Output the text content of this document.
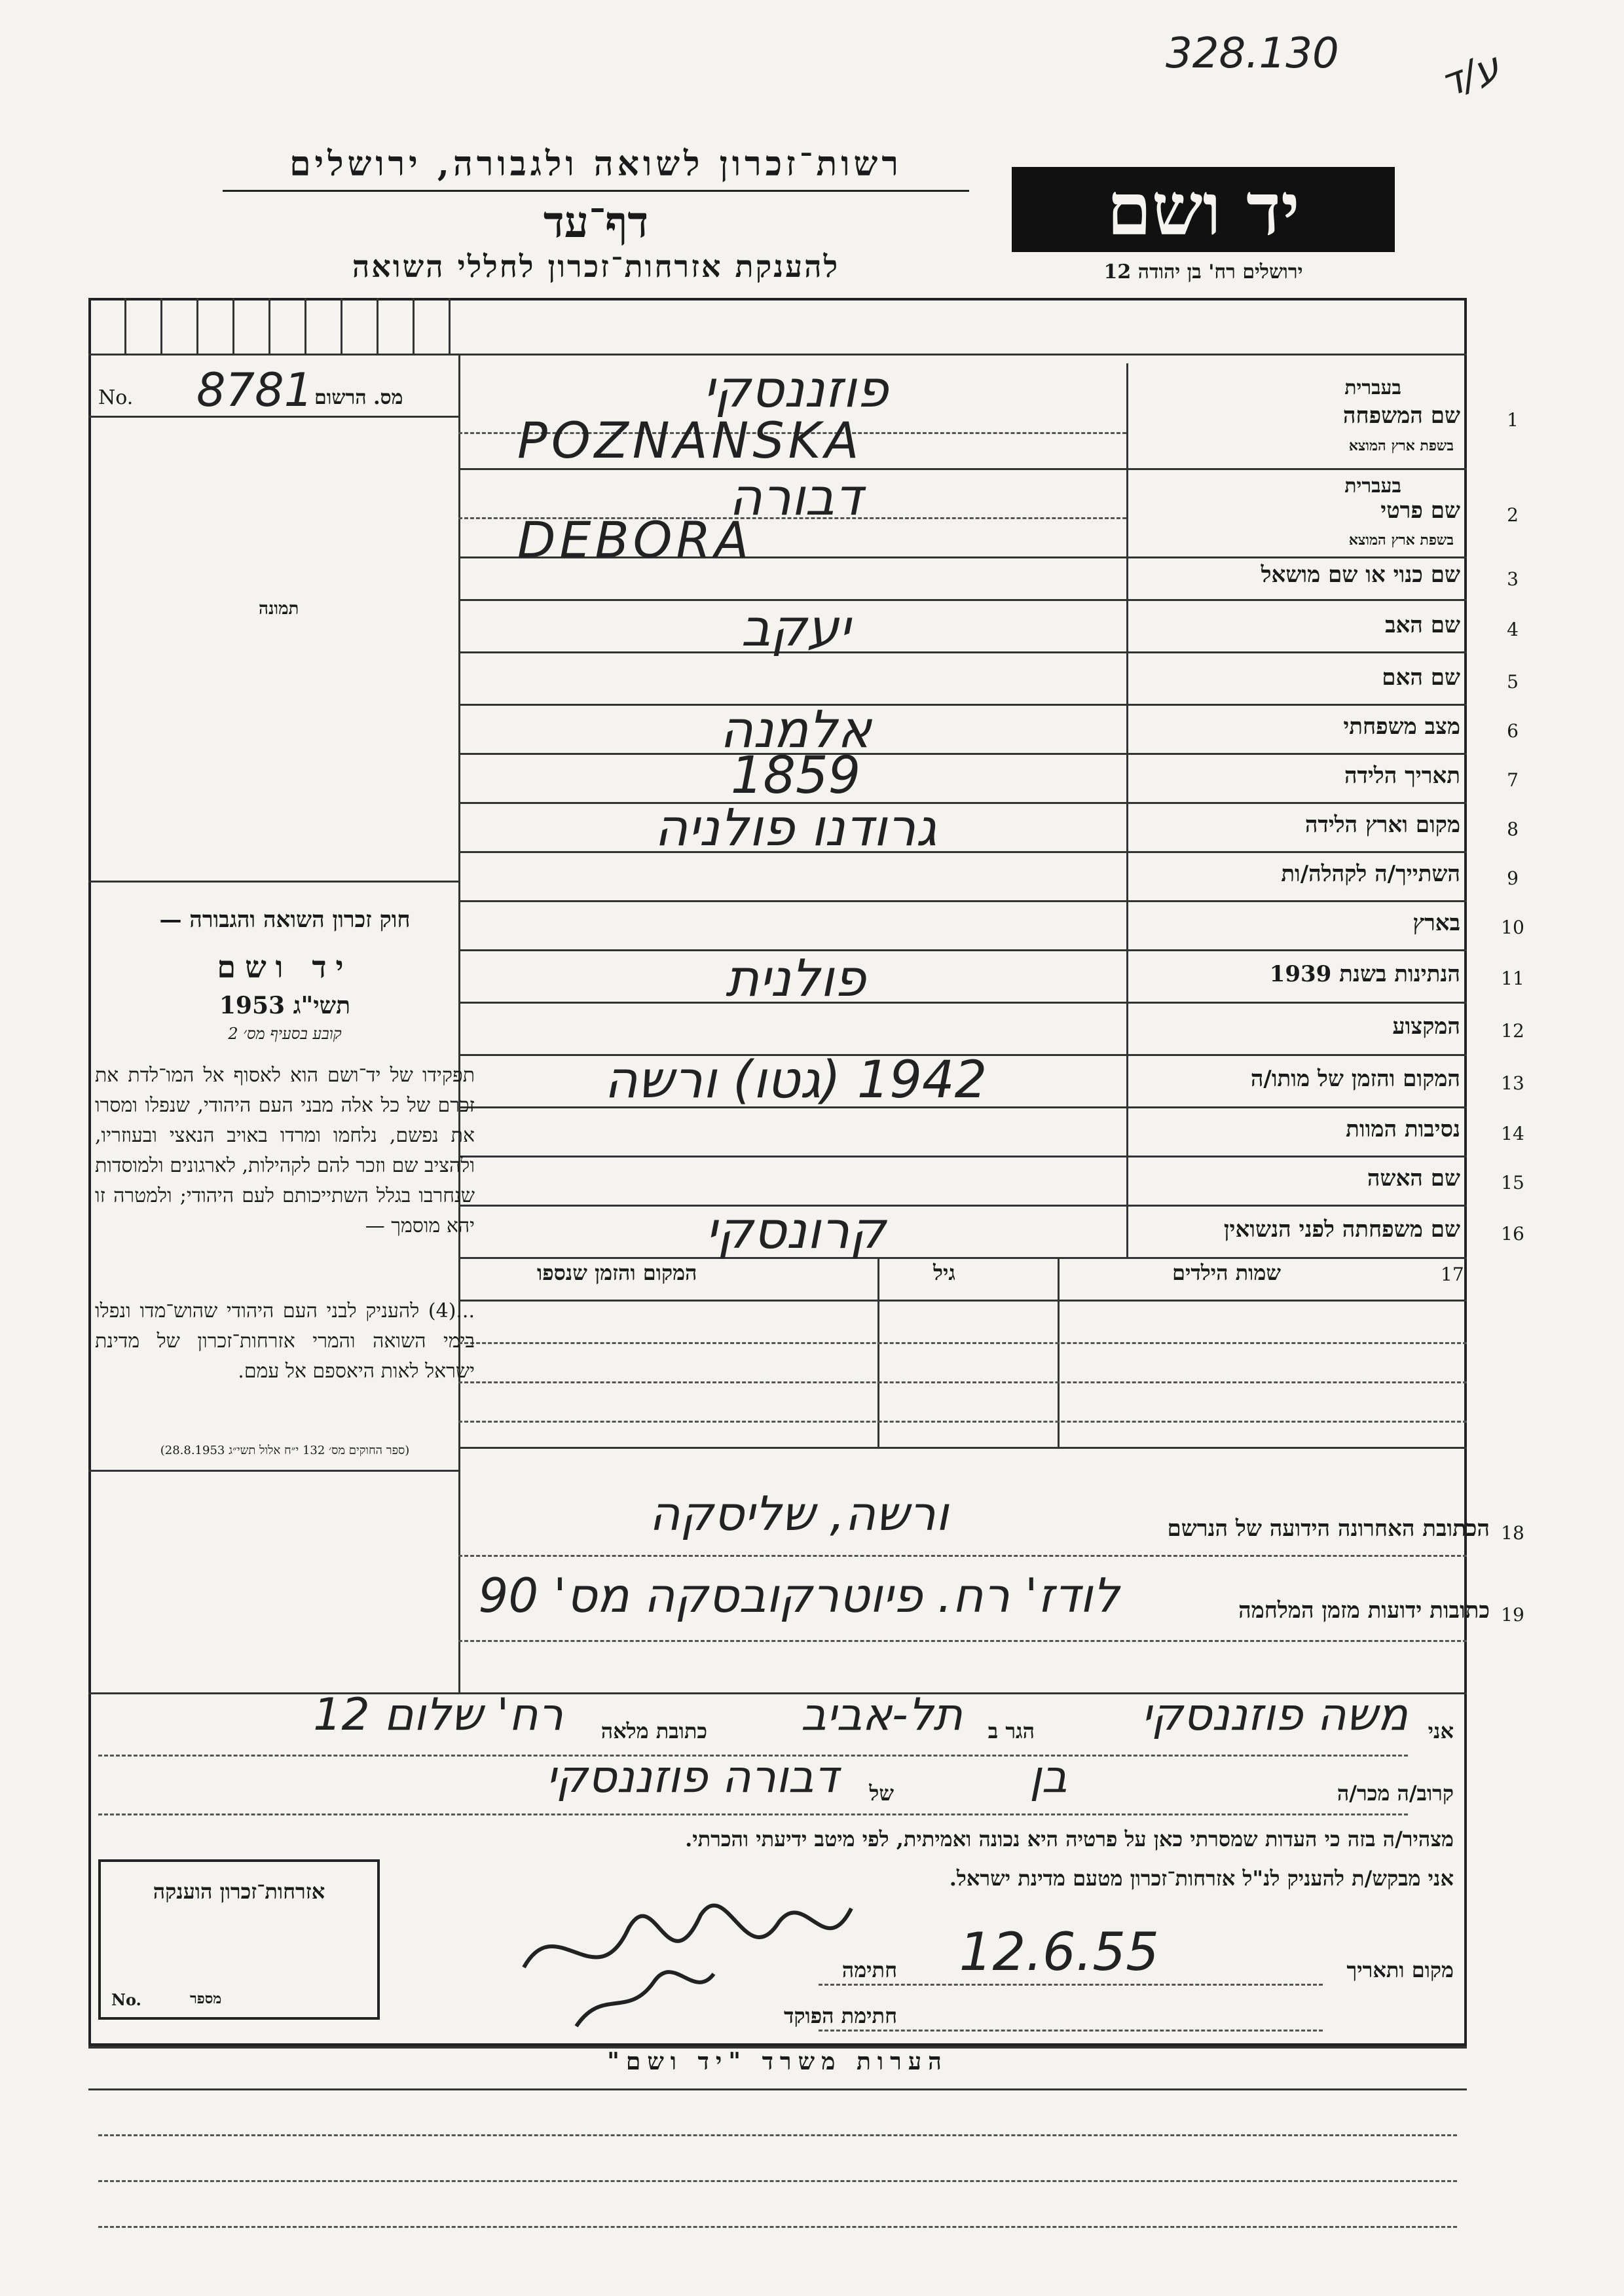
328.130 ע/ד
רשות־זכרון לשואה ולגבורה, ירושלים
דף־עד
להענקת אזרחות־זכרון לחללי השואה
יד ושם
ירושלים רח' בן יהודה 12
No. 8781 מס. הרשום
תמונה
חוק זכרון השואה והגבורה —
יד ושם
תשי"ג 1953
קובע בסעיף מס׳ 2
תפקידו של יד־ושם הוא לאסוף אל המו־לדת את זכרם של כל אלה מבני העם היהודי, שנפלו ומסרו את נפשם, נלחמו ומרדו באויב הנאצי ובעוזריו, ולהציב שם וזכר להם לקהילות, לארגונים ולמוסדות שנחרבו בגלל השתייכותם לעם היהודי; ולמטרה זו יהא מוסמך —
...(4) להעניק לבני העם היהודי שהוש־מדו ונפלו בימי השואה והמרי אזרחות־זכרון של מדינת ישראל לאות היאספם אל עמם.
(ספר החוקים מס׳ 132 י״ח אלול תשי״ג 28.8.1953)
1
שם המשפחה
בעברית
בשפת ארץ המוצא
פוזננסקי
POZNANSKA
2
שם פרטי
בעברית
בשפת ארץ המוצא
דבורה
DEBORA
3
שם כנוי או שם מושאל
4
שם האב
יעקב
5
שם האם
6
מצב משפחתי
אלמנה
7
תאריך הלידה
1859
8
מקום וארץ הלידה
גרודנו פולניה
9
השתייך/ה לקהלה/ות
10
בארץ
11
הנתינות בשנת 1939
פולנית
12
המקצוע
13
המקום והזמן של מותו/ה
1942 (גטו) ורשה
14
נסיבות המוות
15
שם האשה
16
שם משפחתה לפני הנשואין
קרונסקי
17
שמות הילדים
גיל
המקום והזמן שנספו
18
הכתובת האחרונה הידועה של הנרשם
ורשה, שליסקה
19
כתובות ידועות מזמן המלחמה
לודז' רח. פיוטרקובסקה מס' 90
אני
משה פוזננסקי
הגר ב
תל-אביב
כתובת מלאה
רח' שלום 12
קרוב/ה מכר/ה
בן
של
דבורה פוזננסקי
מצהיר/ה בזה כי העדות שמסרתי כאן על פרטיה היא נכונה ואמיתית, לפי מיטב ידיעתי והכרתי.
אני מבקש/ת להעניק לנ"ל אזרחות־זכרון מטעם מדינת ישראל.
מקום ותאריך
12.6.55
חתימה
חתימת הפוקד
אזרחות־זכרון הוענקה
No.	מספר
הערות משרד "יד ושם"
